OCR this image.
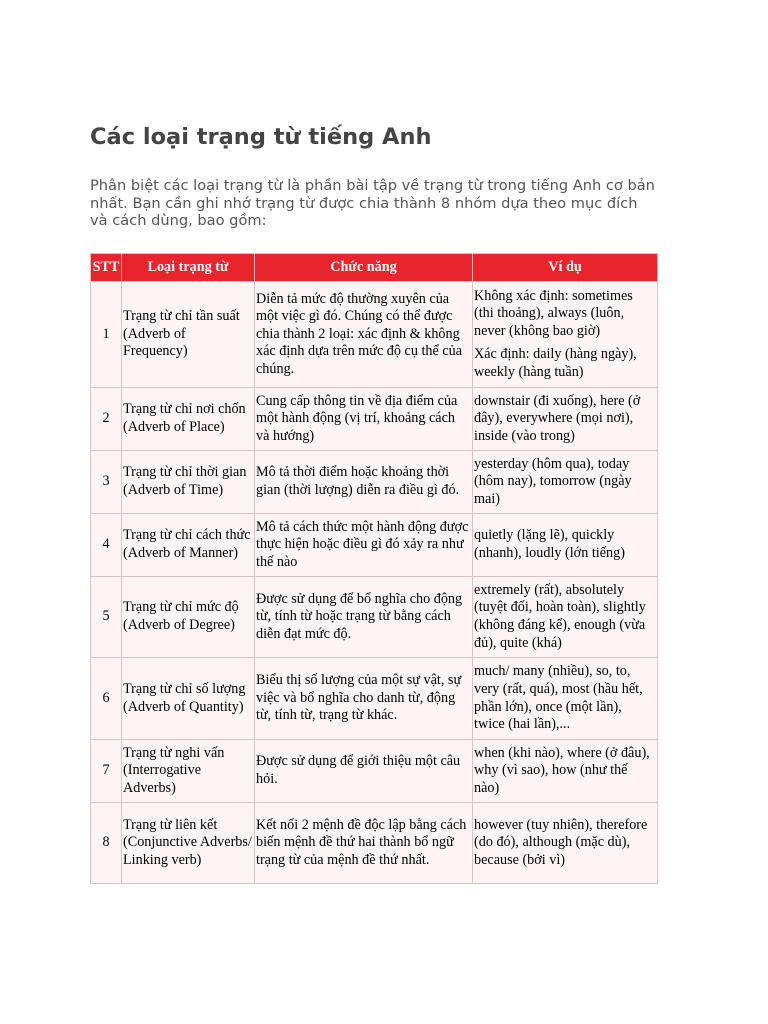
Các loại trạng từ tiếng Anh

Phân biệt các loại trạng từ là phần bài tập về trạng từ trong tiếng Anh cơ bản nhất. Bạn cần ghi nhớ trạng từ được chia thành 8 nhóm dựa theo mục đích và cách dùng, bao gồm:

STT	Loại trạng từ	Chức năng	Ví dụ
1	Trạng từ chỉ tần suất (Adverb of Frequency)	Diễn tả mức độ thường xuyên của một việc gì đó. Chúng có thể được chia thành 2 loại: xác định & không xác định dựa trên mức độ cụ thể của chúng.	Không xác định: sometimes (thi thoảng), always (luôn, never (không bao giờ)
Xác định: daily (hàng ngày), weekly (hàng tuần)

2	Trạng từ chỉ nơi chốn (Adverb of Place)	Cung cấp thông tin về địa điểm của một hành động (vị trí, khoảng cách và hướng)	downstair (đi xuống), here (ở đây), everywhere (mọi nơi), inside (vào trong)
3	Trạng từ chỉ thời gian (Adverb of Time)	Mô tả thời điểm hoặc khoảng thời gian (thời lượng) diễn ra điều gì đó.	yesterday (hôm qua), today (hôm nay), tomorrow (ngày mai)
4	Trạng từ chỉ cách thức (Adverb of Manner)	Mô tả cách thức một hành động được thực hiện hoặc điều gì đó xảy ra như thế nào	quietly (lặng lẽ), quickly (nhanh), loudly (lớn tiếng)
5	Trạng từ chỉ mức độ (Adverb of Degree)	Được sử dụng để bổ nghĩa cho động từ, tính từ hoặc trạng từ bằng cách diễn đạt mức độ.	extremely (rất), absolutely (tuyệt đối, hoàn toàn), slightly (không đáng kể), enough (vừa đủ), quite (khá)
6	Trạng từ chỉ số lượng (Adverb of Quantity)	Biểu thị số lượng của một sự vật, sự việc và bổ nghĩa cho danh từ, động từ, tính từ, trạng từ khác.	much/ many (nhiều), so, to, very (rất, quá), most (hầu hết, phần lớn), once (một lần), twice (hai lần),...
7	Trạng từ nghi vấn (Interrogative Adverbs)	Được sử dụng để giới thiệu một câu hỏi.	when (khi nào), where (ở đâu), why (vì sao), how (như thế nào)
8	Trạng từ liên kết (Conjunctive Adverbs/ Linking verb)	Kết nối 2 mệnh đề độc lập bằng cách biến mệnh đề thứ hai thành bổ ngữ trạng từ của mệnh đề thứ nhất.	however (tuy nhiên), therefore (do đó), although (mặc dù), because (bởi vì)
